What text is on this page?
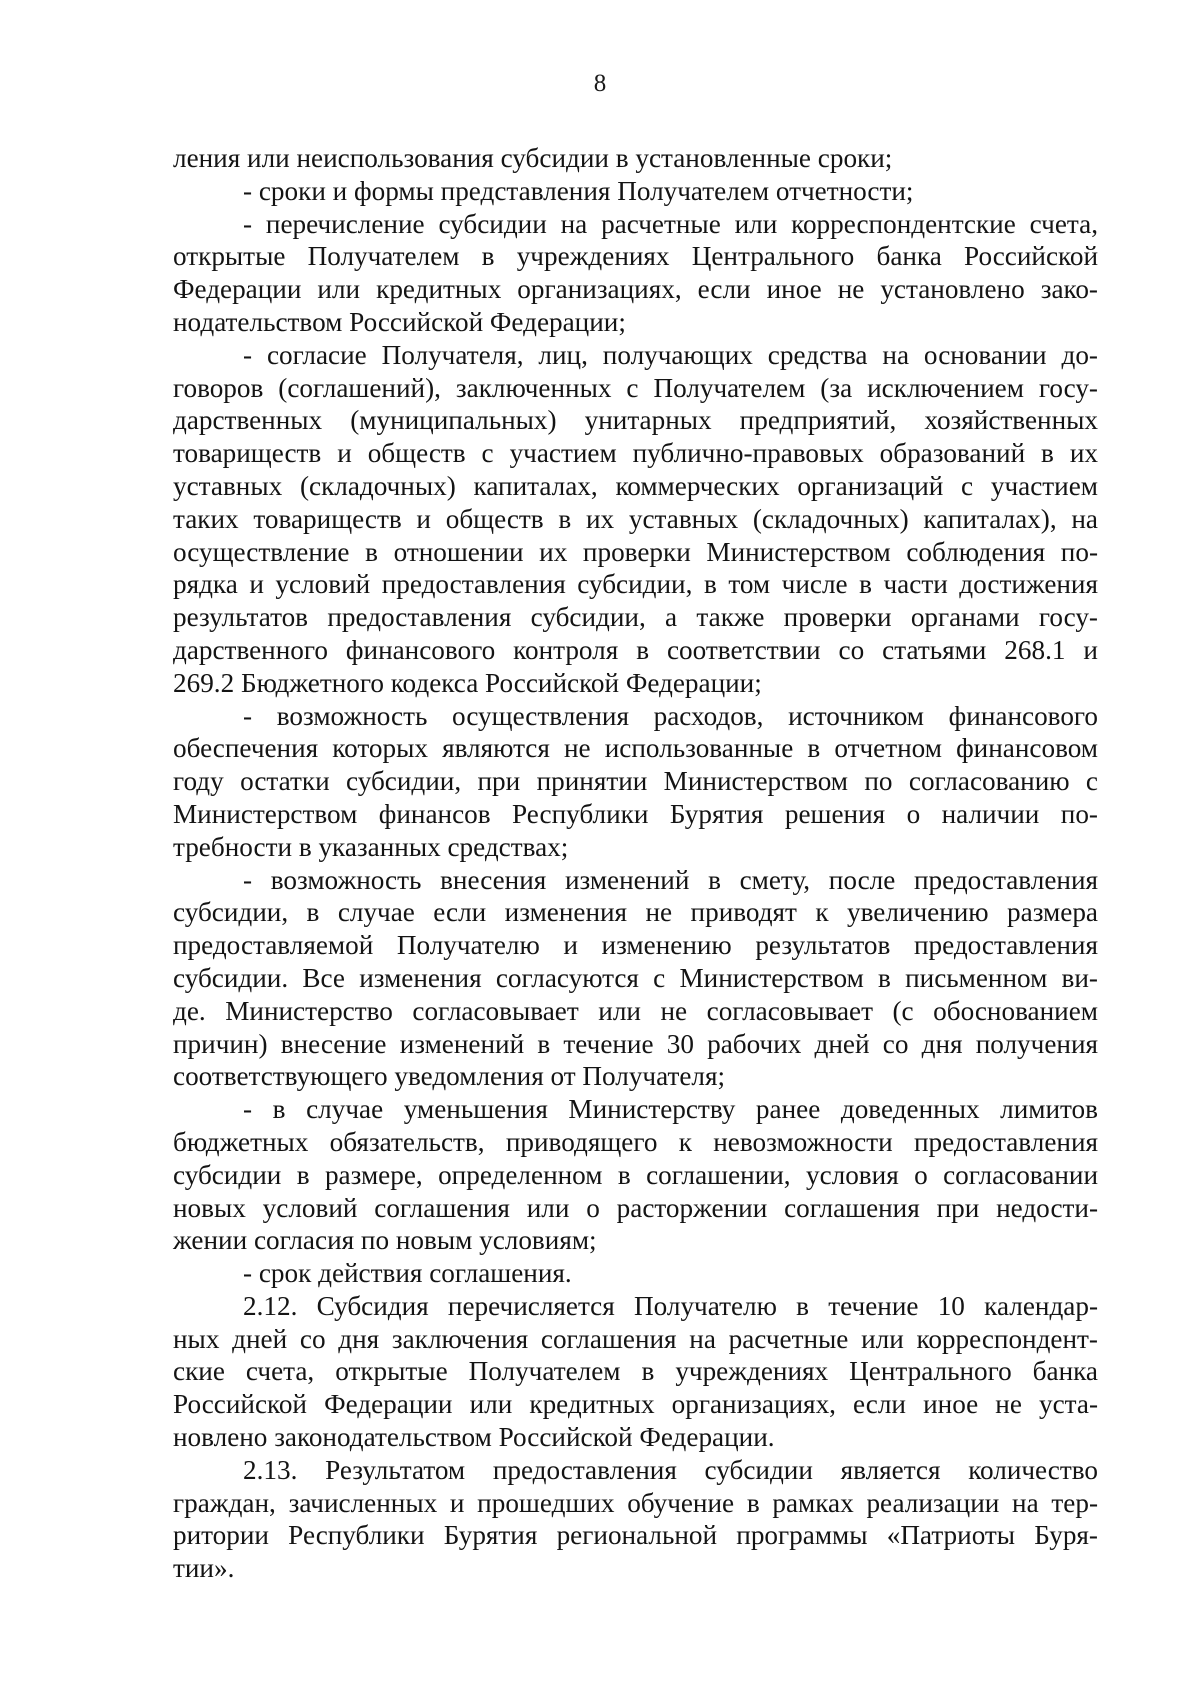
8
ления или неиспользования субсидии в установленные сроки;
- сроки и формы представления Получателем отчетности;
- перечисление субсидии на расчетные или корреспондентские счета,
открытые Получателем в учреждениях Центрального банка Российской
Федерации или кредитных организациях, если иное не установлено зако-
нодательством Российской Федерации;
- согласие Получателя, лиц, получающих средства на основании до-
говоров (соглашений), заключенных с Получателем (за исключением госу-
дарственных (муниципальных) унитарных предприятий, хозяйственных
товариществ и обществ с участием публично-правовых образований в их
уставных (складочных) капиталах, коммерческих организаций с участием
таких товариществ и обществ в их уставных (складочных) капиталах), на
осуществление в отношении их проверки Министерством соблюдения по-
рядка и условий предоставления субсидии, в том числе в части достижения
результатов предоставления субсидии, а также проверки органами госу-
дарственного финансового контроля в соответствии со статьями 268.1 и
269.2 Бюджетного кодекса Российской Федерации;
- возможность осуществления расходов, источником финансового
обеспечения которых являются не использованные в отчетном финансовом
году остатки субсидии, при принятии Министерством по согласованию с
Министерством финансов Республики Бурятия решения о наличии по-
требности в указанных средствах;
- возможность внесения изменений в смету, после предоставления
субсидии, в случае если изменения не приводят к увеличению размера
предоставляемой Получателю и изменению результатов предоставления
субсидии. Все изменения согласуются с Министерством в письменном ви-
де. Министерство согласовывает или не согласовывает (с обоснованием
причин) внесение изменений в течение 30 рабочих дней со дня получения
соответствующего уведомления от Получателя;
- в случае уменьшения Министерству ранее доведенных лимитов
бюджетных обязательств, приводящего к невозможности предоставления
субсидии в размере, определенном в соглашении, условия о согласовании
новых условий соглашения или о расторжении соглашения при недости-
жении согласия по новым условиям;
- срок действия соглашения.
2.12. Субсидия перечисляется Получателю в течение 10 календар-
ных дней со дня заключения соглашения на расчетные или корреспондент-
ские счета, открытые Получателем в учреждениях Центрального банка
Российской Федерации или кредитных организациях, если иное не уста-
новлено законодательством Российской Федерации.
2.13. Результатом предоставления субсидии является количество
граждан, зачисленных и прошедших обучение в рамках реализации на тер-
ритории Республики Бурятия региональной программы «Патриоты Буря-
тии».
